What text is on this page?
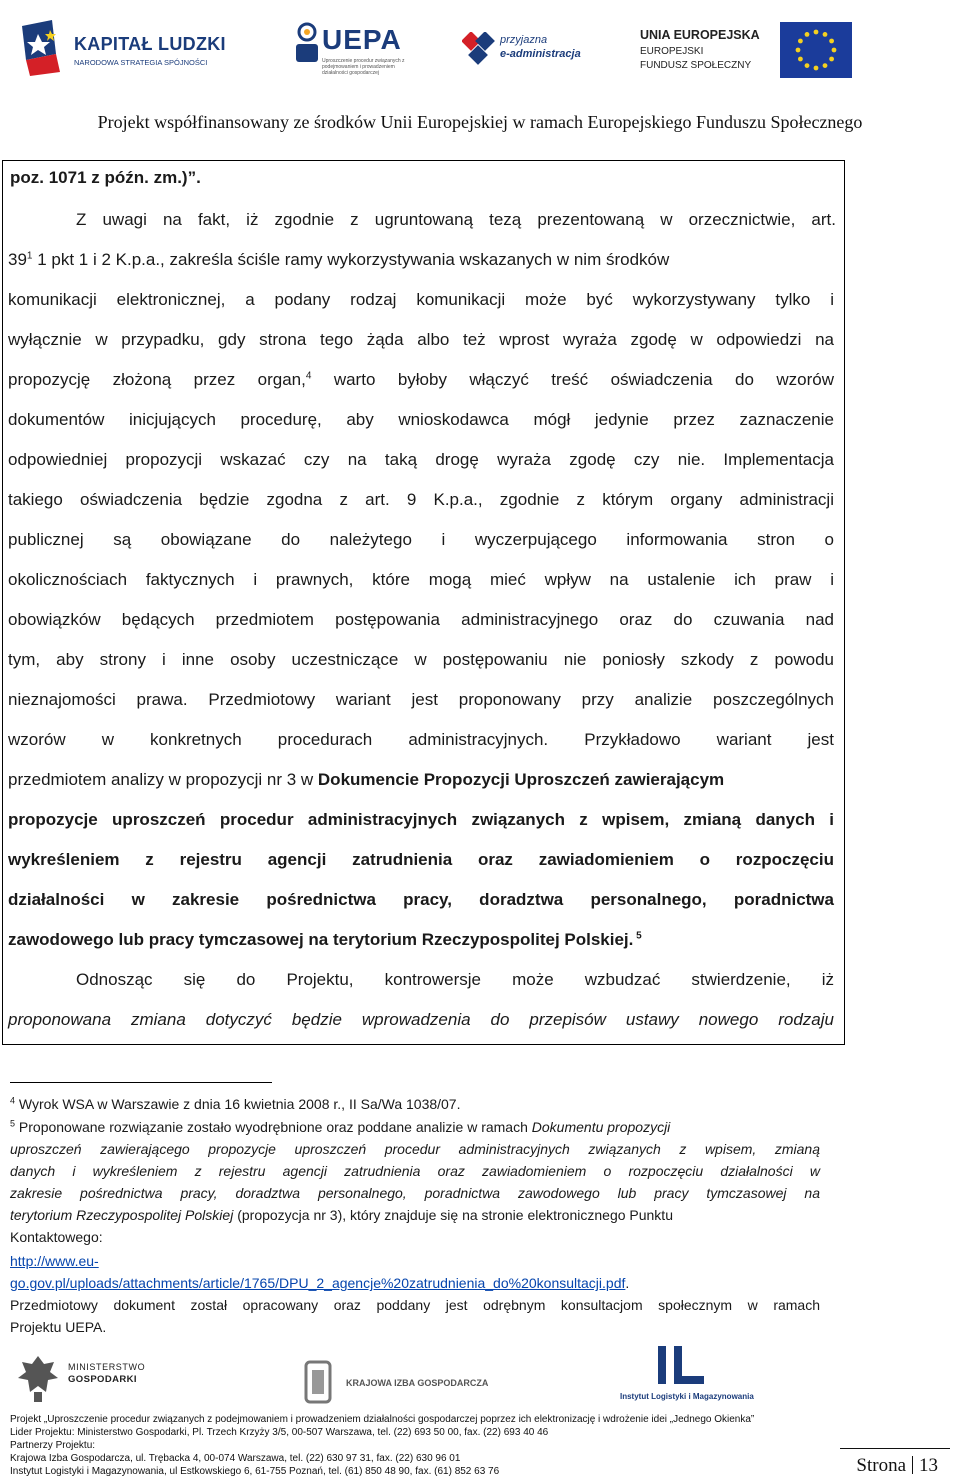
KAPITAŁ LUDZKI
NARODOWA STRATEGIA SPÓJNOŚCI
UEPA
Uproszczenie procedur związanych z podejmowaniem i prowadzeniem działalności gospodarczej
przyjazna
e-administracja
UNIA EUROPEJSKA
EUROPEJSKI
FUNDUSZ SPOŁECZNY
Projekt współfinansowany ze środków Unii Europejskiej w ramach Europejskiego Funduszu Społecznego
poz. 1071 z późn. zm.)”.
Z uwagi na fakt, iż zgodnie z ugruntowaną tezą prezentowaną w orzecznictwie, art.
$39^1$ 1 pkt 1 i 2 K.p.a., zakreśla ściśle ramy wykorzystywania wskazanych w nim środków
komunikacji elektronicznej, a podany rodzaj komunikacji może być wykorzystywany tylko i
wyłącznie w przypadku, gdy strona tego żąda albo też wprost wyraża zgodę w odpowiedzi na
propozycję złożoną przez organ,$^4$ warto byłoby włączyć treść oświadczenia do wzorów
dokumentów inicjujących procedurę, aby wnioskodawca mógł jedynie przez zaznaczenie
odpowiedniej propozycji wskazać czy na taką drogę wyraża zgodę czy nie. Implementacja
takiego oświadczenia będzie zgodna z art. 9 K.p.a., zgodnie z którym organy administracji
publicznej są obowiązane do należytego i wyczerpującego informowania stron o
okolicznościach faktycznych i prawnych, które mogą mieć wpływ na ustalenie ich praw i
obowiązków będących przedmiotem postępowania administracyjnego oraz do czuwania nad
tym, aby strony i inne osoby uczestniczące w postępowaniu nie poniosły szkody z powodu
nieznajomości prawa. Przedmiotowy wariant jest proponowany przy analizie poszczególnych
wzorów w konkretnych procedurach administracyjnych. Przykładowo wariant jest
przedmiotem analizy w propozycji nr 3 w Dokumencie Propozycji Uproszczeń zawierającym
propozycje uproszczeń procedur administracyjnych związanych z wpisem, zmianą danych i
wykreśleniem z rejestru agencji zatrudnienia oraz zawiadomieniem o rozpoczęciu
działalności w zakresie pośrednictwa pracy, doradztwa personalnego, poradnictwa
zawodowego lub pracy tymczasowej na terytorium Rzeczypospolitej Polskiej. $^5$
Odnosząc się do Projektu, kontrowersje może wzbudzać stwierdzenie, iż
proponowana zmiana dotyczyć będzie wprowadzenia do przepisów ustawy nowego rodzaju
$^4$ Wyrok WSA w Warszawie z dnia 16 kwietnia 2008 r., II Sa/Wa 1038/07.
$^5$ Proponowane rozwiązanie zostało wyodrębnione oraz poddane analizie w ramach Dokumentu propozycji
uproszczeń zawierającego propozycje uproszczeń procedur administracyjnych związanych z wpisem, zmianą
danych i wykreśleniem z rejestru agencji zatrudnienia oraz zawiadomieniem o rozpoczęciu działalności w
zakresie pośrednictwa pracy, doradztwa personalnego, poradnictwa zawodowego lub pracy tymczasowej na
terytorium Rzeczypospolitej Polskiej (propozycja nr 3), który znajduje się na stronie elektronicznego Punktu
Kontaktowego:
http://www.eu-
go.gov.pl/uploads/attachments/article/1765/DPU_2_agencje%20zatrudnienia_do%20konsultacji.pdf.
Przedmiotowy dokument został opracowany oraz poddany jest odrębnym konsultacjom społecznym w ramach
Projektu UEPA.
MINISTERSTWO
GOSPODARKI	KRAJOWA IZBA GOSPODARCZA
Instytut Logistyki i Magazynowania
Projekt „Uproszczenie procedur związanych z podejmowaniem i prowadzeniem działalności gospodarczej poprzez ich elektronizację i wdrożenie idei „Jednego Okienka”
Lider Projektu: Ministerstwo Gospodarki, Pl. Trzech Krzyży 3/5, 00-507 Warszawa, tel. (22) 693 50 00, fax. (22) 693 40 46
Partnerzy Projektu:
Krajowa Izba Gospodarcza, ul. Trębacka 4, 00-074 Warszawa, tel. (22) 630 97 31, fax. (22) 630 96 01
Instytut Logistyki i Magazynowania, ul Estkowskiego 6, 61-755 Poznań, tel. (61) 850 48 90, fax. (61) 852 63 76	Strona 13
